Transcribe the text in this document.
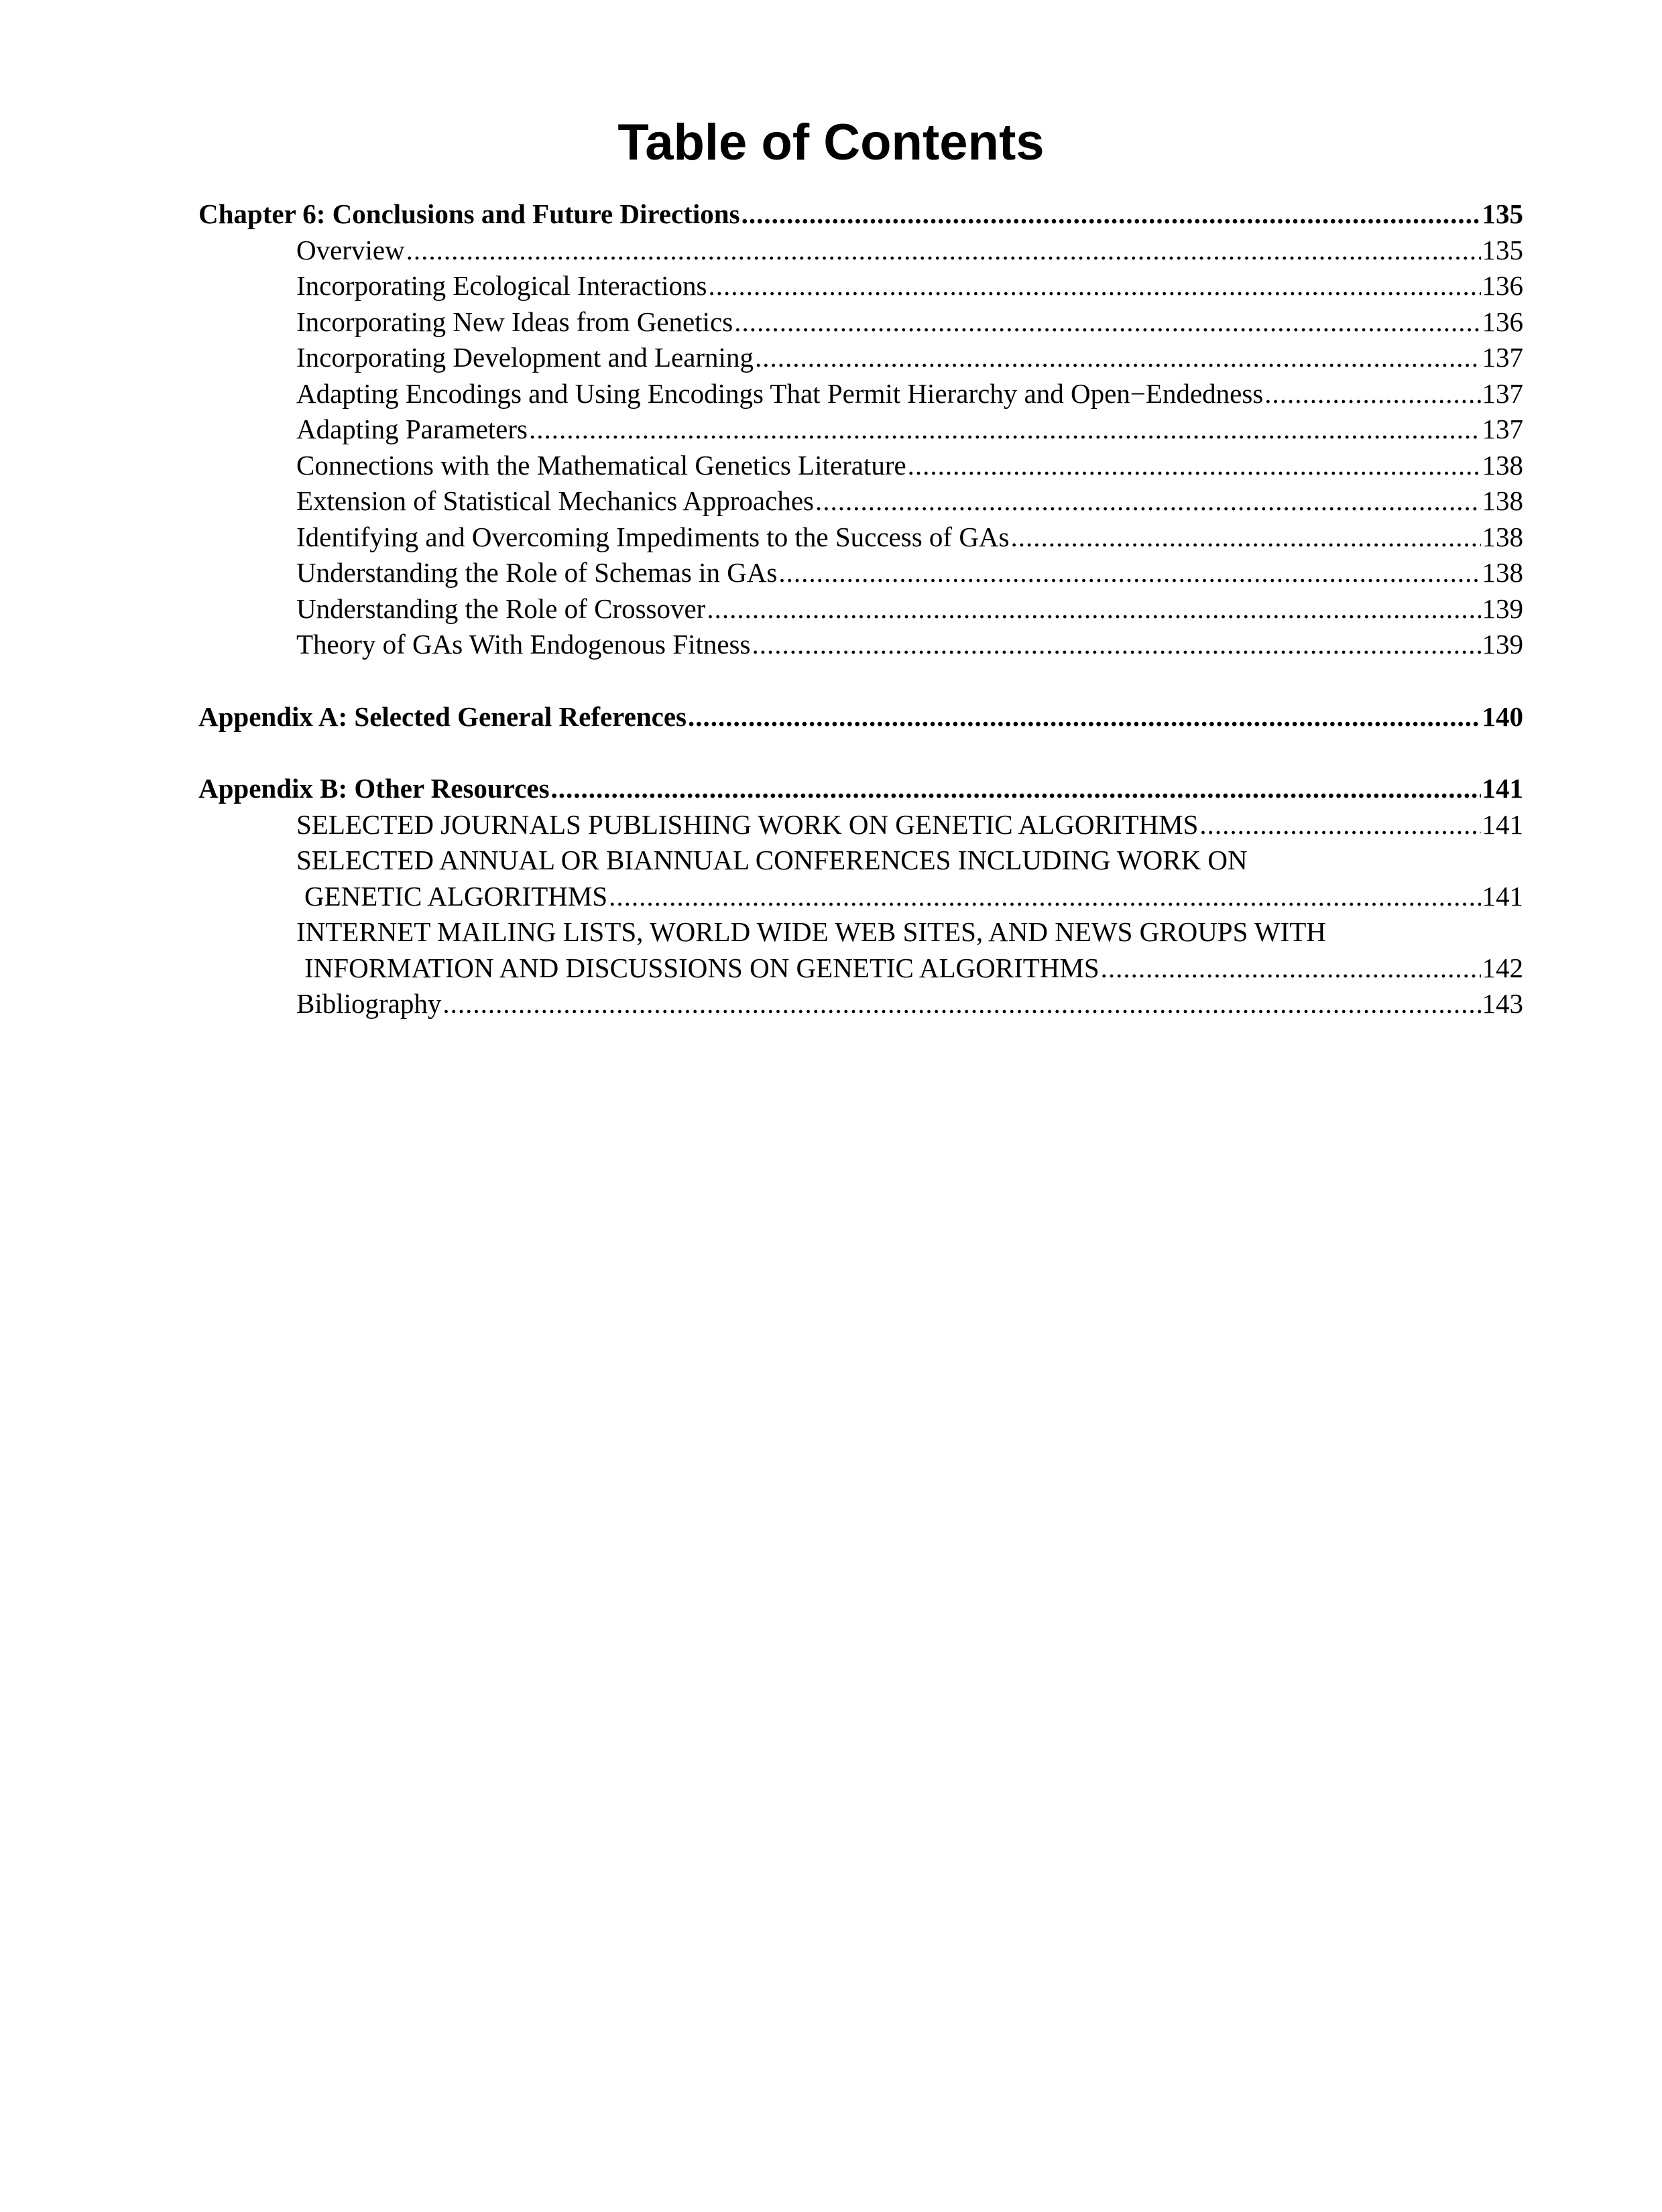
Table of Contents
Chapter 6: Conclusions and Future Directions .....	135
Overview .....	135
Incorporating Ecological Interactions .....	136
Incorporating New Ideas from Genetics .....	136
Incorporating Development and Learning .....	137
Adapting Encodings and Using Encodings That Permit Hierarchy and Open−Endedness .....	137
Adapting Parameters .....	137
Connections with the Mathematical Genetics Literature .....	138
Extension of Statistical Mechanics Approaches .....	138
Identifying and Overcoming Impediments to the Success of GAs .....	138
Understanding the Role of Schemas in GAs .....	138
Understanding the Role of Crossover .....	139
Theory of GAs With Endogenous Fitness .....	139
Appendix A: Selected General References .....	140
Appendix B: Other Resources .....	141
SELECTED JOURNALS PUBLISHING WORK ON GENETIC ALGORITHMS .....	141
SELECTED ANNUAL OR BIANNUAL CONFERENCES INCLUDING WORK ON
GENETIC ALGORITHMS .....	141
INTERNET MAILING LISTS, WORLD WIDE WEB SITES, AND NEWS GROUPS WITH
INFORMATION AND DISCUSSIONS ON GENETIC ALGORITHMS .....	142
Bibliography .....	143
